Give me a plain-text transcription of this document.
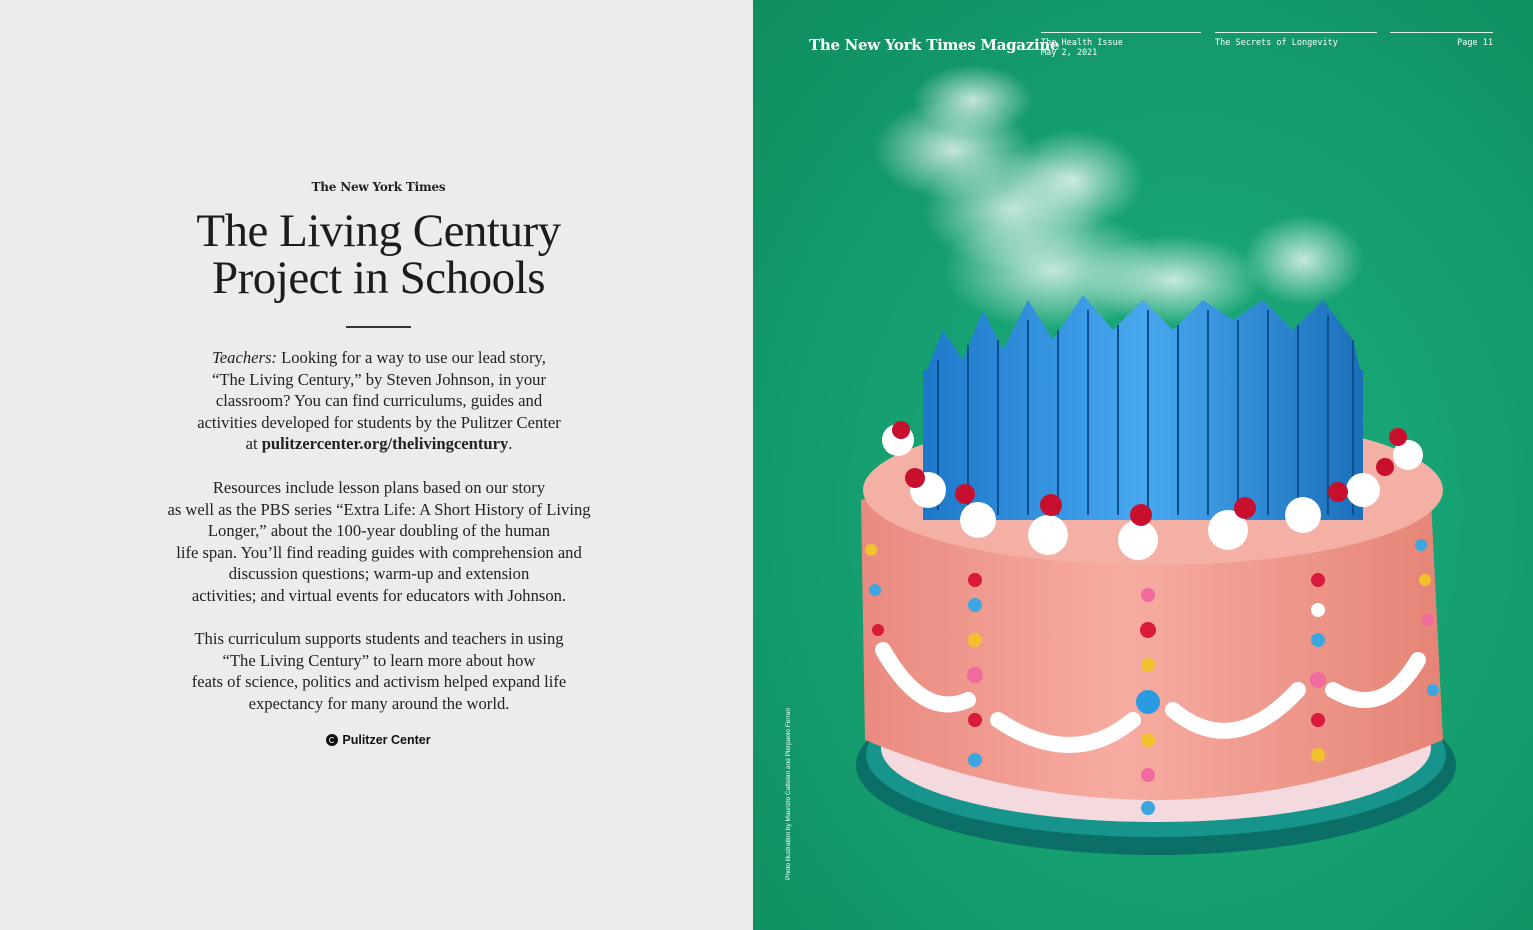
The New York Times
The Living Century
Project in Schools
Teachers: Looking for a way to use our lead story,
“The Living Century,” by Steven Johnson, in your
classroom? You can find curriculums, guides and
activities developed for students by the Pulitzer Center
at pulitzercenter.org/thelivingcentury.
Resources include lesson plans based on our story
as well as the PBS series “Extra Life: A Short History of Living
Longer,” about the 100-year doubling of the human
life span. You’ll find reading guides with comprehension and
discussion questions; warm-up and extension
activities; and virtual events for educators with Johnson.
This curriculum supports students and teachers in using
“The Living Century” to learn more about how
feats of science, politics and activism helped expand life
expectancy for many around the world.
Pulitzer Center
The New York Times Magazine
The Health Issue
May 2, 2021
The Secrets of Longevity	Page 11
Photo illustration by Maurizio Cattelan and Pierpaolo Ferrari
